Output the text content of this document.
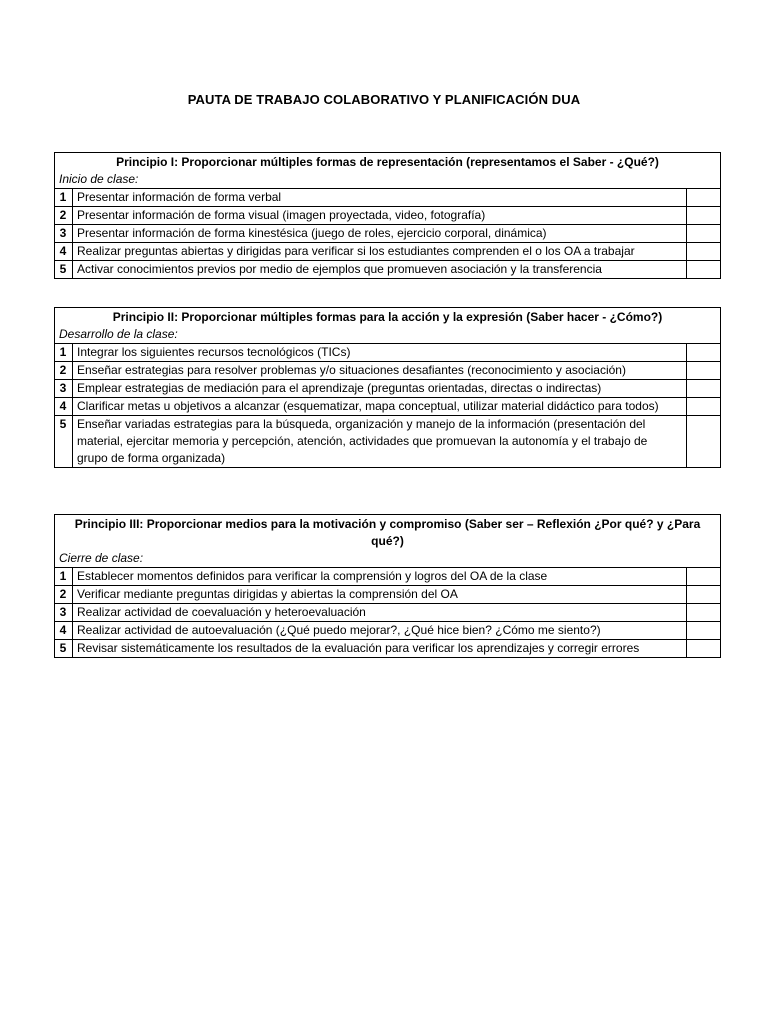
PAUTA DE TRABAJO COLABORATIVO Y PLANIFICACIÓN DUA
Principio I: Proporcionar múltiples formas de representación (representamos el Saber - ¿Qué?)		
Inicio de clase:		
1	Presentar información de forma verbal	

2	Presentar información de forma visual (imagen proyectada, video, fotografía)	

3	Presentar información de forma kinestésica (juego de roles, ejercicio corporal, dinámica)	

4	Realizar preguntas abiertas y dirigidas para verificar si los estudiantes comprenden el o los OA a trabajar	

5	Activar conocimientos previos por medio de ejemplos que promueven asociación y la transferencia	
Principio II: Proporcionar múltiples formas para la acción y la expresión (Saber hacer - ¿Cómo?)		
Desarrollo de la clase:		
1	Integrar los siguientes recursos tecnológicos (TICs)	

2	Enseñar estrategias para resolver problemas y/o situaciones desafiantes (reconocimiento y asociación)	

3	Emplear estrategias de mediación para el aprendizaje (preguntas orientadas, directas o indirectas)	

4	Clarificar metas u objetivos a alcanzar (esquematizar, mapa conceptual, utilizar material didáctico para todos)	

5	Enseñar variadas estrategias para la búsqueda, organización y manejo de la información (presentación del material, ejercitar memoria y percepción, atención, actividades que promuevan la autonomía y el trabajo de grupo de forma organizada)	
Principio III: Proporcionar medios para la motivación y compromiso (Saber ser – Reflexión ¿Por qué? y ¿Para qué?)		
Cierre de clase:		
1	Establecer momentos definidos para verificar la comprensión y logros del OA de la clase	

2	Verificar mediante preguntas dirigidas y abiertas la comprensión del OA	

3	Realizar actividad de coevaluación y heteroevaluación	

4	Realizar actividad de autoevaluación (¿Qué puedo mejorar?, ¿Qué hice bien? ¿Cómo me siento?)	

5	Revisar sistemáticamente los resultados de la evaluación para verificar los aprendizajes y corregir errores	
